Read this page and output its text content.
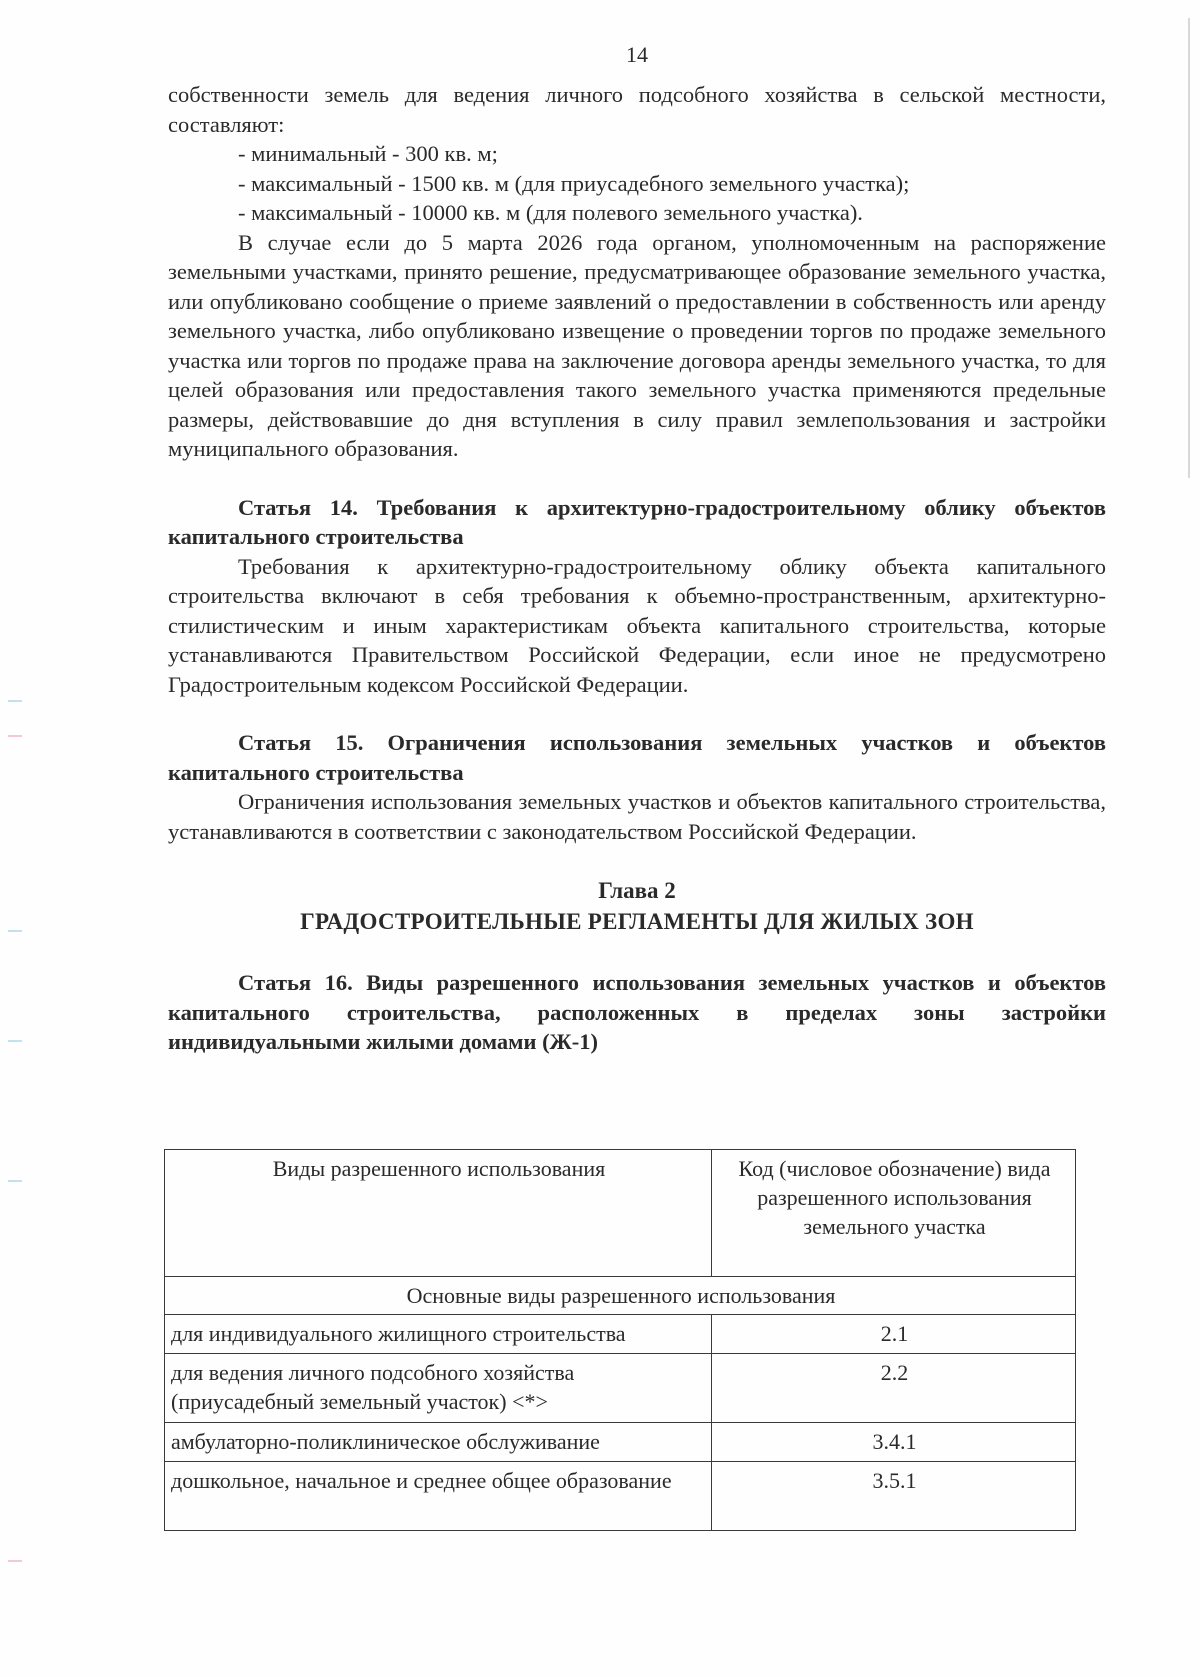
14

собственности земель для ведения личного подсобного хозяйства в сельской местности, составляют:

- минимальный - 300 кв. м;

- максимальный - 1500 кв. м (для приусадебного земельного участка);

- максимальный - 10000 кв. м (для полевого земельного участка).

В случае если до 5 марта 2026 года органом, уполномоченным на распоряжение земельными участками, принято решение, предусматривающее образование земельного участка, или опубликовано сообщение о приеме заявлений о предоставлении в собственность или аренду земельного участка, либо опубликовано извещение о проведении торгов по продаже земельного участка или торгов по продаже права на заключение договора аренды земельного участка, то для целей образования или предоставления такого земельного участка применяются предельные размеры, действовавшие до дня вступления в силу правил землепользования и застройки муниципального образования.

Статья 14. Требования к архитектурно-градостроительному облику объектов капитального строительства

Требования к архитектурно-градостроительному облику объекта капитального строительства включают в себя требования к объемно-пространственным, архитектурно-стилистическим и иным характеристикам объекта капитального строительства, которые устанавливаются Правительством Российской Федерации, если иное не предусмотрено Градостроительным кодексом Российской Федерации.

Статья 15. Ограничения использования земельных участков и объектов капитального строительства

Ограничения использования земельных участков и объектов капитального строительства, устанавливаются в соответствии с законодательством Российской Федерации.

Глава 2
ГРАДОСТРОИТЕЛЬНЫЕ РЕГЛАМЕНТЫ ДЛЯ ЖИЛЫХ ЗОН

Статья 16. Виды разрешенного использования земельных участков и объектов капитального строительства, расположенных в пределах зоны застройки индивидуальными жилыми домами (Ж-1)

Виды разрешенного использования	Код (числовое обозначение) вида разрешенного использования земельного участка
Основные виды разрешенного использования	
для индивидуального жилищного строительства	2.1
для ведения личного подсобного хозяйства (приусадебный земельный участок) <*>	2.2
амбулаторно-поликлиническое обслуживание	3.4.1
дошкольное, начальное и среднее общее образование	3.5.1
